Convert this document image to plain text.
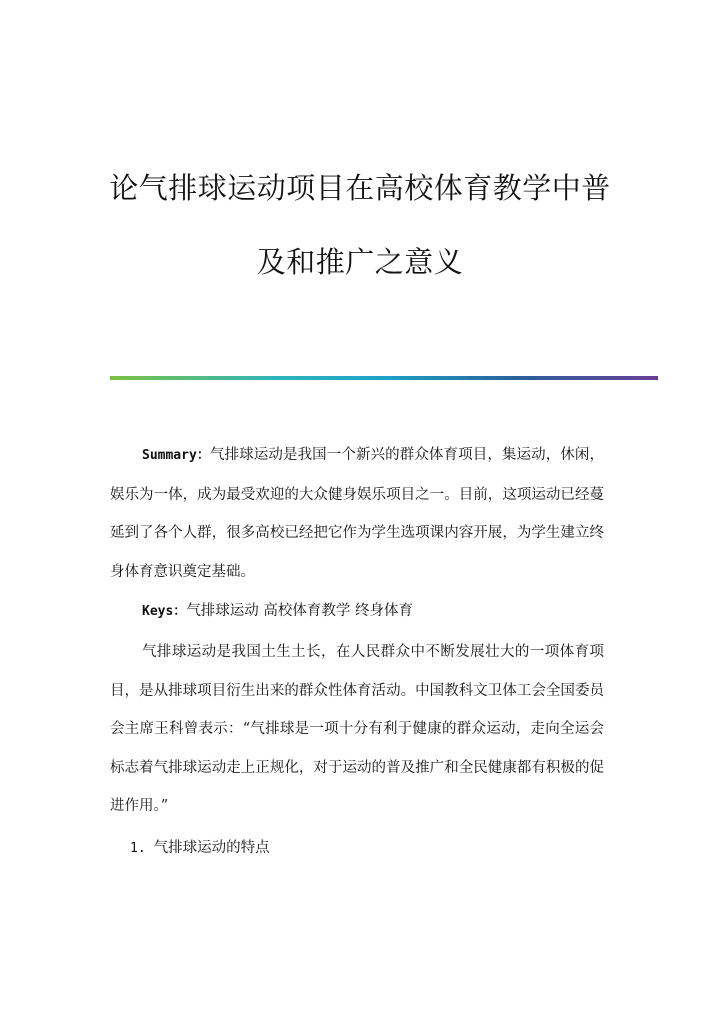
论气排球运动项目在高校体育教学中普
及和推广之意义
Summary：气排球运动是我国一个新兴的群众体育项目，集运动，休闲，娱乐为一体，成为最受欢迎的大众健身娱乐项目之一。目前，这项运动已经蔓延到了各个人群，很多高校已经把它作为学生选项课内容开展，为学生建立终身体育意识奠定基础。
Keys：气排球运动 高校体育教学 终身体育
气排球运动是我国土生土长，在人民群众中不断发展壮大的一项体育项目，是从排球项目衍生出来的群众性体育活动。中国教科文卫体工会全国委员会主席王科曾表示：“气排球是一项十分有利于健康的群众运动，走向全运会标志着气排球运动走上正规化，对于运动的普及推广和全民健康都有积极的促进作用。”
1. 气排球运动的特点
